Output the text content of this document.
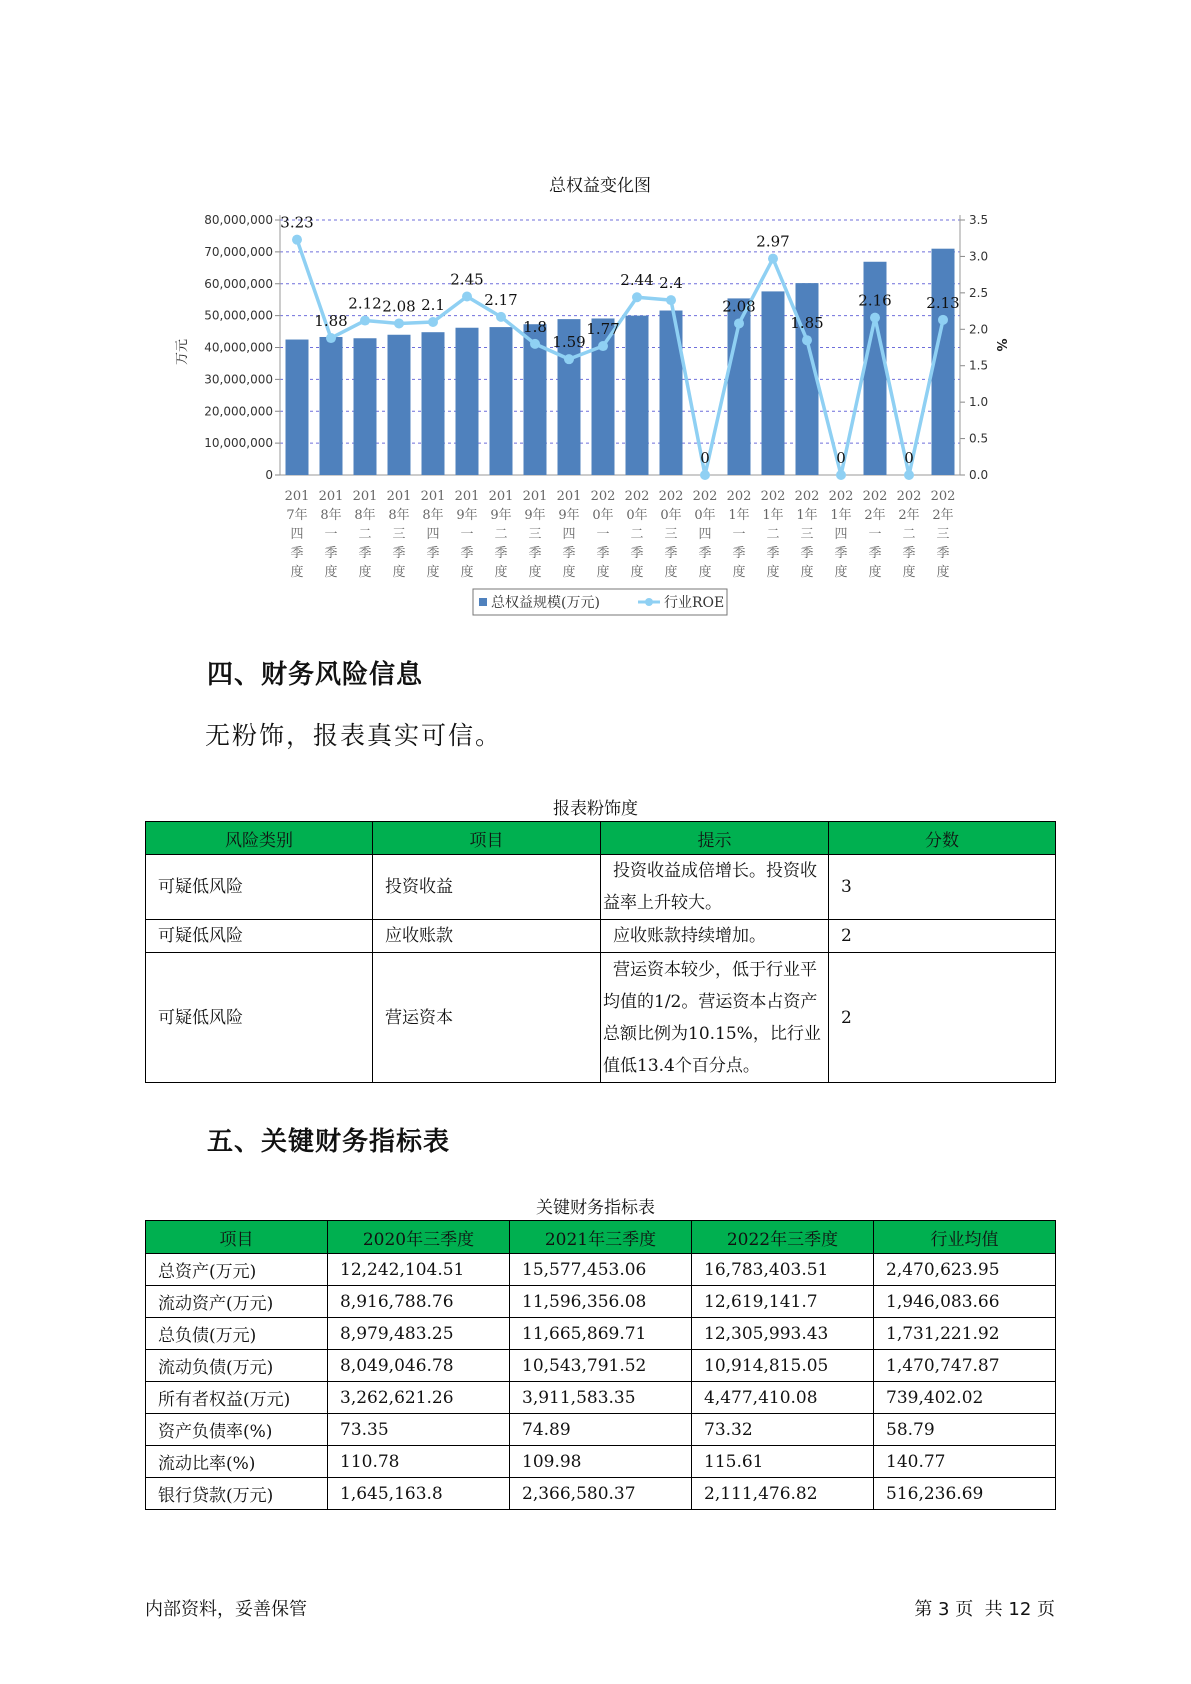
总权益变化图
3.23
1.88
2.12 2.08 2.1
2.45
2.17
1.8
1.59
1.77
2.44 2.4
0
2.08
2.97
1.85
0
2.16
0
2.13
80,000,000
70,000,000
60,000,000
50,000,000
40,000,000
30,000,000
20,000,000
10,000,000
0
3.5
3.0
2.5
2.0
1.5
1.0
0.5
0.0
201
7年
四
季
度
201
8年
一
季
度
201
8年
二
季
度
201
8年
三
季
度
201
8年
四
季
度
201
9年
一
季
度
201
9年
二
季
度
201
9年
三
季
度
201
9年
四
季
度
202
0年
一
季
度
202
0年
二
季
度
202
0年
三
季
度
202
0年
四
季
度
202
1年
一
季
度
202
1年
二
季
度
202
1年
三
季
度
202
1年
四
季
度
202
2年
一
季
度
202
2年
二
季
度
202
2年
三
季
度
万元	%
总权益规模(万元)	行业ROE
四、财务风险信息
无粉饰，报表真实可信。
报表粉饰度
风险类别	项目	提示	分数
可疑低风险	投资收益	投资收益成倍增长。投资收益率上升较大。	3
可疑低风险	应收账款	应收账款持续增加。	2
可疑低风险	营运资本	营运资本较少，低于行业平均值的1/2。营运资本占资产总额比例为10.15%，比行业值低13.4个百分点。	2
五、关键财务指标表
关键财务指标表
项目	2020年三季度	2021年三季度	2022年三季度	行业均值
总资产(万元)	12,242,104.51	15,577,453.06	16,783,403.51	2,470,623.95
流动资产(万元)	8,916,788.76	11,596,356.08	12,619,141.7	1,946,083.66
总负债(万元)	8,979,483.25	11,665,869.71	12,305,993.43	1,731,221.92
流动负债(万元)	8,049,046.78	10,543,791.52	10,914,815.05	1,470,747.87
所有者权益(万元)	3,262,621.26	3,911,583.35	4,477,410.08	739,402.02
资产负债率(%)	73.35	74.89	73.32	58.79
流动比率(%)	110.78	109.98	115.61	140.77
银行贷款(万元)	1,645,163.8	2,366,580.37	2,111,476.82	516,236.69
内部资料，妥善保管	第 3 页  共 12 页
